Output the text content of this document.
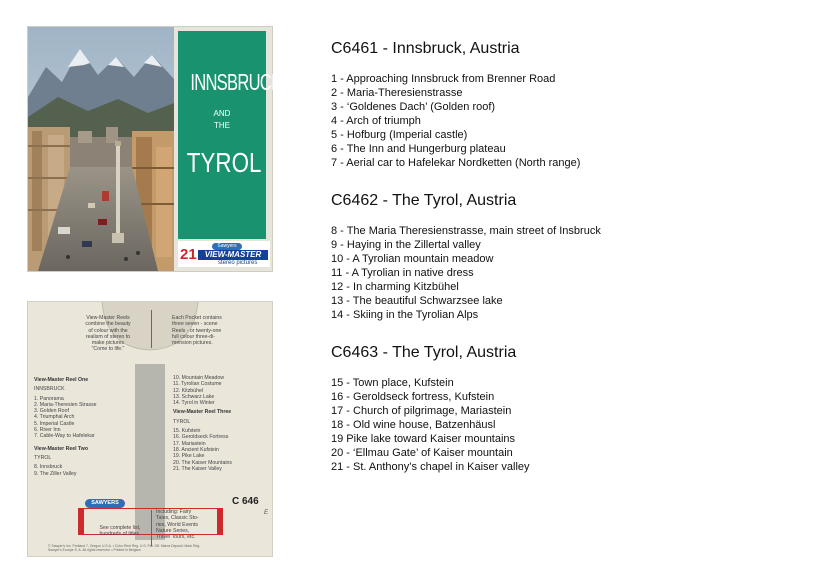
INNSBRUCK
AND
THE
TYROL
21	Sawyers
VIEW-MASTER
stereo pictures
View-Master Reels
combine the beauty
of colour with the
realism of stereo to
make pictures
"Come to life."
Each Pocket contains
three seven - scene
Reels - or twenty-one
full colour three-di-
mension pictures.
View-Master Reel One
INNSBRUCK
1. Panorama
2. Maria-Theresien Strasse
3. Golden Roof
4. Triumphal Arch
5. Imperial Castle
6. River Inn
7. Cable-Way to Hafelekar
View-Master Reel Two
TYROL
8. Innsbruck
9. The Ziller Valley
10. Mountain Meadow
11. Tyrolian Costume
12. Kitzbühel
13. Schwarz Lake
14. Tyrol in Winter
View-Master Reel Three
TYROL
15. Kufstein
16. Geroldseck Fortress
17. Mariastein
18. Ancient Kufstein
19. Pike Lake
20. The Kaiser Mountains
21. The Kaiser Valley
C 646
E
SAWYERS
See complete list,
hundreds of titles.
Including: Fairy
Tales, Classic Sto-
ries, World Events
Nature Series,
Travel Tours, etc.
© Sawyer's Inc. Portland 7, Oregon U.S.A. • Color Reel Reg. U.S. Pat. Off. Marca Deposit. Mark Reg.
Sawyer's Europe S. A. All rights reserved. • Printed in Belgium
C6461 - Innsbruck, Austria
1 - Approaching Innsbruck from Brenner Road
2 - Maria-Theresienstrasse
3 - ‘Goldenes Dach’ (Golden roof)
4 - Arch of triumph
5 - Hofburg (Imperial castle)
6 - The Inn and Hungerburg plateau
7 - Aerial car to Hafelekar Nordketten (North range)
C6462 - The Tyrol, Austria
8 - The Maria Theresienstrasse, main street of Insbruck
9 - Haying in the Zillertal valley
10 - A Tyrolian mountain meadow
11 - A Tyrolian in native dress
12 - In charming Kitzbühel
13 - The beautiful Schwarzsee lake
14 - Skiing in the Tyrolian Alps
C6463 - The Tyrol, Austria
15 - Town place, Kufstein
16 - Geroldseck fortress, Kufstein
17 - Church of pilgrimage, Mariastein
18 - Old wine house, Batzenhäusl
19 Pike lake toward Kaiser mountains
20 - ‘Ellmau Gate’ of Kaiser mountain
21 - St. Anthony’s chapel in Kaiser valley
